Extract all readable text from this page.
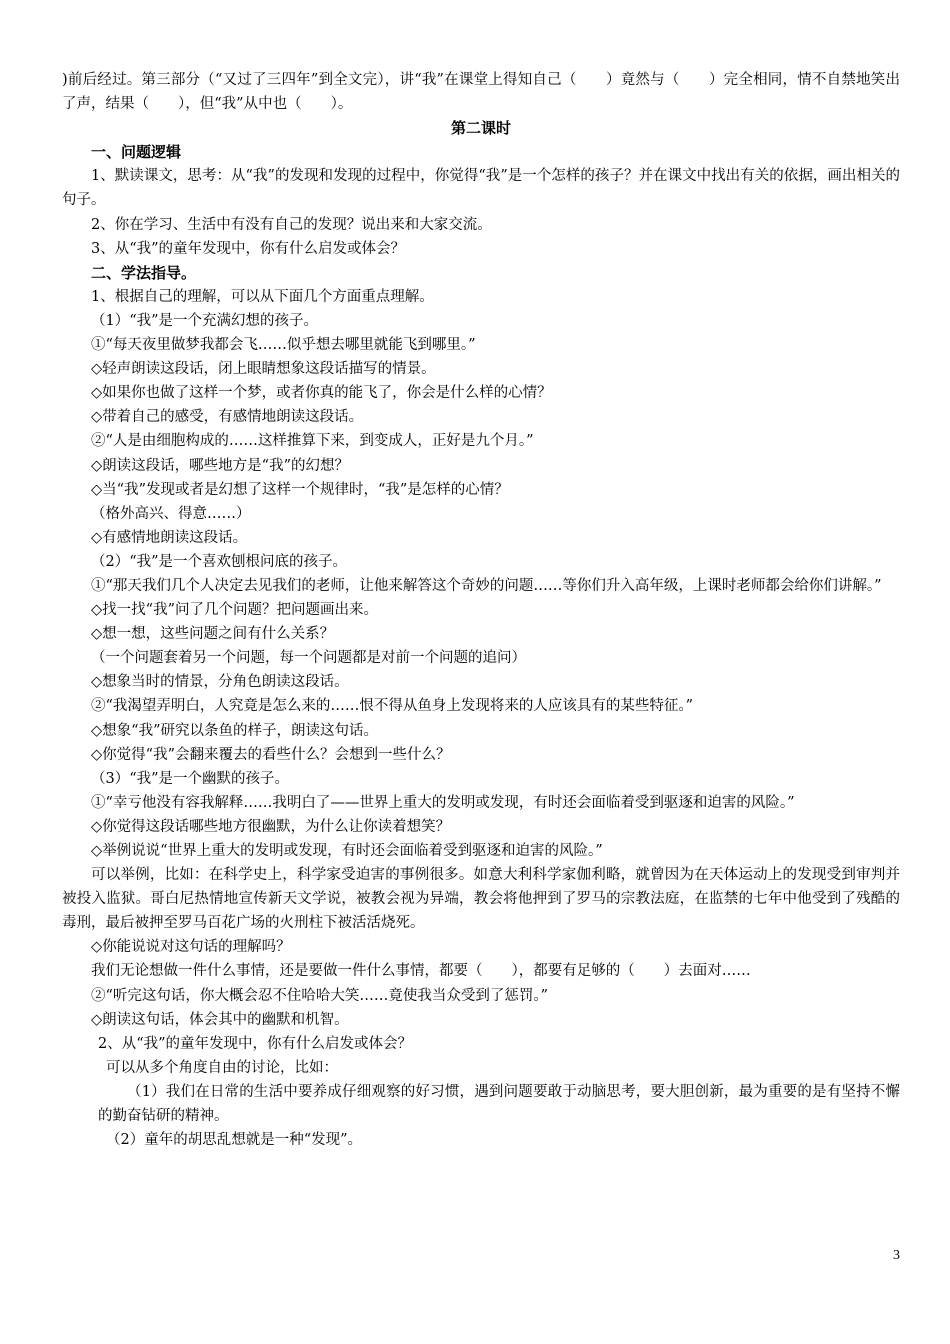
)前后经过。第三部分（“又过了三四年”到全文完），讲“我”在课堂上得知自己（　　）竟然与（　　）完全相同，情不自禁地笑出了声，结果（　　），但“我”从中也（　　）。

第二课时

一、问题逻辑

1、默读课文，思考：从“我”的发现和发现的过程中，你觉得“我”是一个怎样的孩子？并在课文中找出有关的依据，画出相关的句子。

2、你在学习、生活中有没有自己的发现？说出来和大家交流。

3、从“我”的童年发现中，你有什么启发或体会？

二、学法指导。

1、根据自己的理解，可以从下面几个方面重点理解。

（1）“我”是一个充满幻想的孩子。

①“每天夜里做梦我都会飞……似乎想去哪里就能飞到哪里。”

◇轻声朗读这段话，闭上眼睛想象这段话描写的情景。

◇如果你也做了这样一个梦，或者你真的能飞了，你会是什么样的心情？

◇带着自己的感受，有感情地朗读这段话。

②“人是由细胞构成的……这样推算下来，到变成人，正好是九个月。”

◇朗读这段话，哪些地方是“我”的幻想？

◇当“我”发现或者是幻想了这样一个规律时，“我”是怎样的心情？

（格外高兴、得意……）

◇有感情地朗读这段话。

（2）“我”是一个喜欢刨根问底的孩子。

①“那天我们几个人决定去见我们的老师，让他来解答这个奇妙的问题……等你们升入高年级，上课时老师都会给你们讲解。”

◇找一找“我”问了几个问题？把问题画出来。

◇想一想，这些问题之间有什么关系？

（一个问题套着另一个问题，每一个问题都是对前一个问题的追问）

◇想象当时的情景，分角色朗读这段话。

②“我渴望弄明白，人究竟是怎么来的……恨不得从鱼身上发现将来的人应该具有的某些特征。”

◇想象“我”研究以条鱼的样子，朗读这句话。

◇你觉得“我”会翻来覆去的看些什么？会想到一些什么？

（3）“我”是一个幽默的孩子。

①“幸亏他没有容我解释……我明白了——世界上重大的发明或发现，有时还会面临着受到驱逐和迫害的风险。”

◇你觉得这段话哪些地方很幽默，为什么让你读着想笑？

◇举例说说“世界上重大的发明或发现，有时还会面临着受到驱逐和迫害的风险。”

可以举例，比如：在科学史上，科学家受迫害的事例很多。如意大利科学家伽利略，就曾因为在天体运动上的发现受到审判并被投入监狱。哥白尼热情地宣传新天文学说，被教会视为异端，教会将他押到了罗马的宗教法庭，在监禁的七年中他受到了残酷的毒刑，最后被押至罗马百花广场的火刑柱下被活活烧死。

◇你能说说对这句话的理解吗？

我们无论想做一件什么事情，还是要做一件什么事情，都要（　　），都要有足够的（　　）去面对……

②“听完这句话，你大概会忍不住哈哈大笑……竟使我当众受到了惩罚。”

◇朗读这句话，体会其中的幽默和机智。

2、从“我”的童年发现中，你有什么启发或体会？

可以从多个角度自由的讨论，比如：

（1）我们在日常的生活中要养成仔细观察的好习惯，遇到问题要敢于动脑思考，要大胆创新，最为重要的是有坚持不懈的勤奋钻研的精神。

（2）童年的胡思乱想就是一种“发现”。

3
